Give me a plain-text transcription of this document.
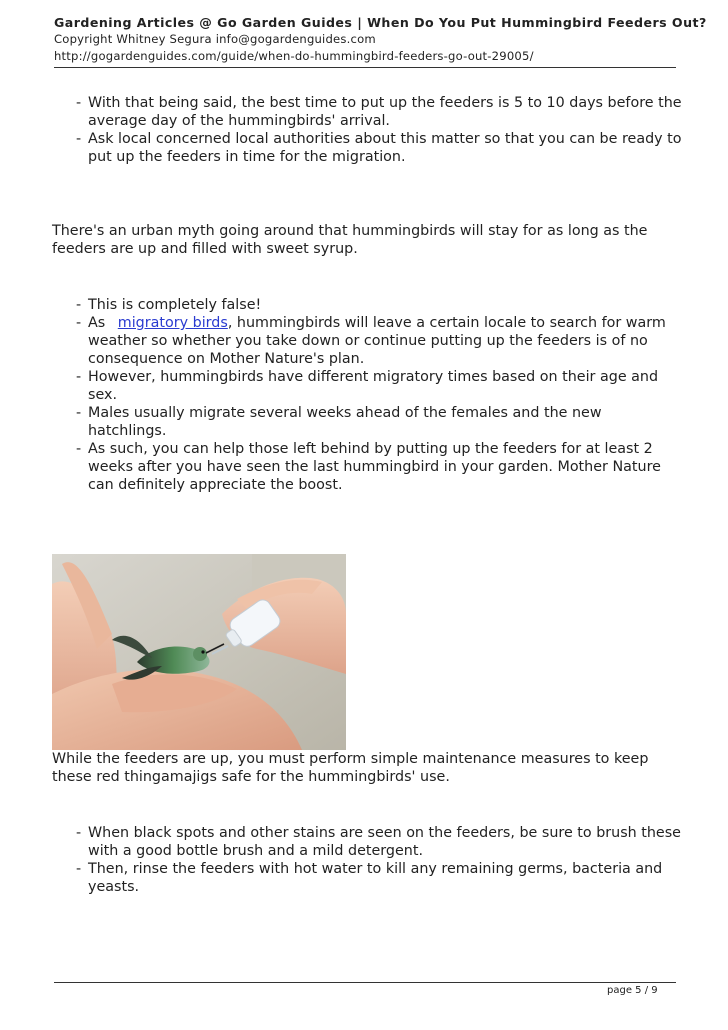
Gardening Articles @ Go Garden Guides | When Do You Put Hummingbird Feeders Out?
Copyright Whitney Segura info@gogardenguides.com
http://gogardenguides.com/guide/when-do-hummingbird-feeders-go-out-29005/
- With that being said, the best time to put up the feeders is 5 to 10 days before the average day of the hummingbirds' arrival.
- Ask local concerned local authorities about this matter so that you can be ready to put up the feeders in time for the migration.

There's an urban myth going around that hummingbirds will stay for as long as the feeders are up and filled with sweet syrup.

- This is completely false!
- As migratory birds, hummingbirds will leave a certain locale to search for warm weather so whether you take down or continue putting up the feeders is of no consequence on Mother Nature's plan.
- However, hummingbirds have different migratory times based on their age and sex.
- Males usually migrate several weeks ahead of the females and the new hatchlings.
- As such, you can help those left behind by putting up the feeders for at least 2 weeks after you have seen the last hummingbird in your garden. Mother Nature can definitely appreciate the boost.

While the feeders are up, you must perform simple maintenance measures to keep these red thingamajigs safe for the hummingbirds' use.

- When black spots and other stains are seen on the feeders, be sure to brush these with a good bottle brush and a mild detergent.
- Then, rinse the feeders with hot water to kill any remaining germs, bacteria and yeasts.
page 5 / 9
